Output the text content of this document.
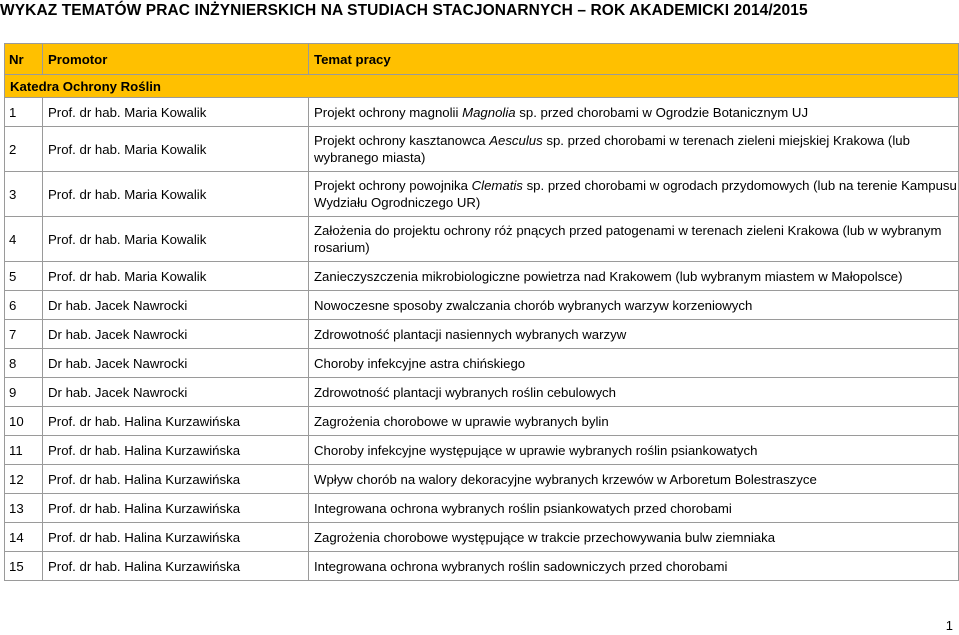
WYKAZ TEMATÓW PRAC INŻYNIERSKICH NA STUDIACH STACJONARNYCH – ROK AKADEMICKI 2014/2015
Nr	Promotor	Temat pracy
Katedra Ochrony Roślin		
1	Prof. dr hab. Maria Kowalik	Projekt ochrony magnolii Magnolia sp. przed chorobami w Ogrodzie Botanicznym UJ
2	Prof. dr hab. Maria Kowalik	Projekt ochrony kasztanowca Aesculus sp. przed chorobami w terenach zieleni miejskiej Krakowa (lub wybranego miasta)
3	Prof. dr hab. Maria Kowalik	Projekt ochrony powojnika Clematis sp. przed chorobami w ogrodach przydomowych (lub na terenie Kampusu Wydziału Ogrodniczego UR)
4	Prof. dr hab. Maria Kowalik	Założenia do projektu ochrony róż pnących przed patogenami w terenach zieleni Krakowa (lub w wybranym rosarium)
5	Prof. dr hab. Maria Kowalik	Zanieczyszczenia mikrobiologiczne powietrza nad Krakowem (lub wybranym miastem w Małopolsce)
6	Dr hab. Jacek Nawrocki	Nowoczesne sposoby zwalczania chorób wybranych warzyw korzeniowych
7	Dr hab. Jacek Nawrocki	Zdrowotność plantacji nasiennych wybranych warzyw
8	Dr hab. Jacek Nawrocki	Choroby infekcyjne astra chińskiego
9	Dr hab. Jacek Nawrocki	Zdrowotność plantacji wybranych roślin cebulowych
10	Prof. dr hab. Halina Kurzawińska	Zagrożenia chorobowe w uprawie wybranych bylin
11	Prof. dr hab. Halina Kurzawińska	Choroby infekcyjne występujące w uprawie wybranych roślin psiankowatych
12	Prof. dr hab. Halina Kurzawińska	Wpływ chorób na walory dekoracyjne wybranych krzewów w Arboretum Bolestraszyce
13	Prof. dr hab. Halina Kurzawińska	Integrowana ochrona wybranych roślin psiankowatych przed chorobami
14	Prof. dr hab. Halina Kurzawińska	Zagrożenia chorobowe występujące w trakcie przechowywania bulw ziemniaka
15	Prof. dr hab. Halina Kurzawińska	Integrowana ochrona wybranych roślin sadowniczych przed chorobami
1
